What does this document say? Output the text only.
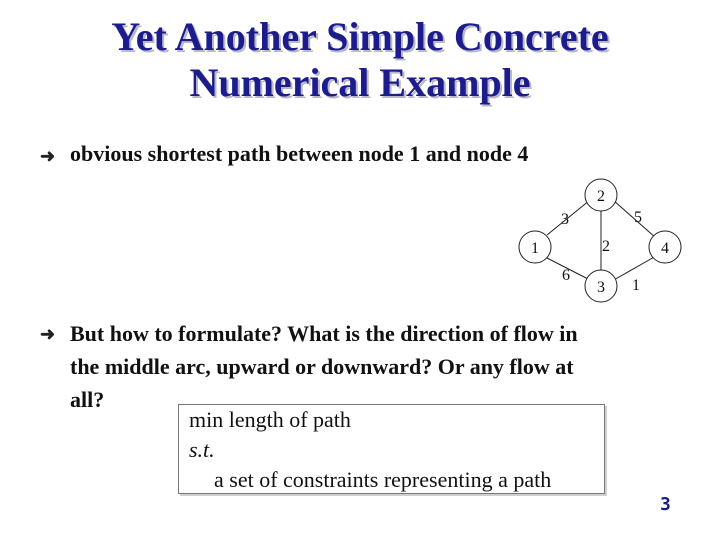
Yet Another Simple Concrete
Numerical Example
➜ obvious shortest path between node 1 and node 4
1
2
3
4
3
6
5
1
2
➜ But how to formulate? What is the direction of flow in
the middle arc, upward or downward? Or any flow at
all?
min length of path
s.t.
a set of constraints representing a path
3
